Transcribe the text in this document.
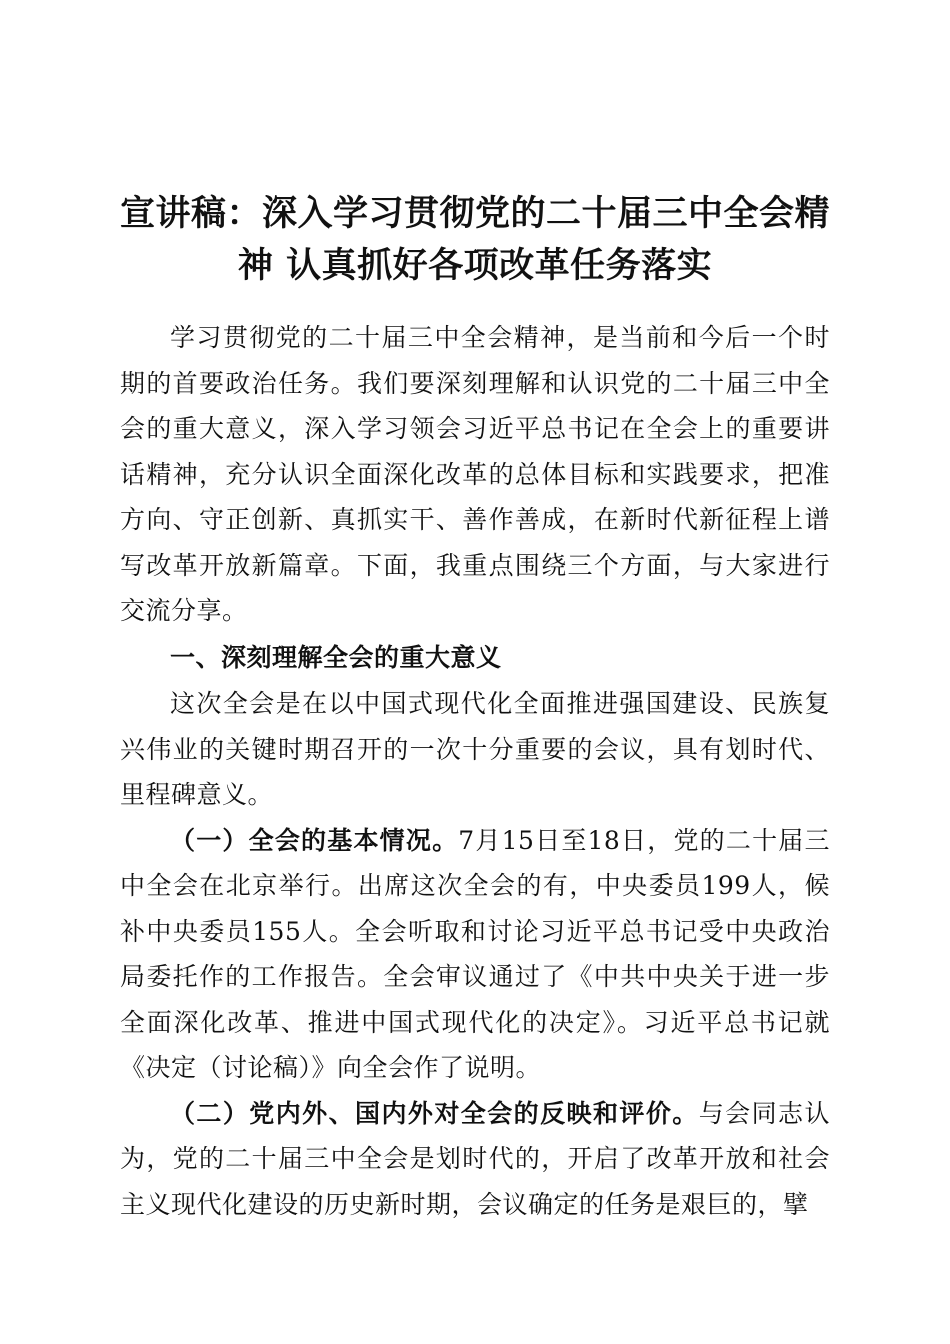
宣讲稿：深入学习贯彻党的二十届三中全会精
神 认真抓好各项改革任务落实

学习贯彻党的二十届三中全会精神，是当前和今后一个时期的首要政治任务。我们要深刻理解和认识党的二十届三中全会的重大意义，深入学习领会习近平总书记在全会上的重要讲话精神，充分认识全面深化改革的总体目标和实践要求，把准方向、守正创新、真抓实干、善作善成，在新时代新征程上谱写改革开放新篇章。下面，我重点围绕三个方面，与大家进行交流分享。

一、深刻理解全会的重大意义

这次全会是在以中国式现代化全面推进强国建设、民族复兴伟业的关键时期召开的一次十分重要的会议，具有划时代、里程碑意义。

（一）全会的基本情况。7月15日至18日，党的二十届三中全会在北京举行。出席这次全会的有，中央委员199人，候补中央委员155人。全会听取和讨论习近平总书记受中央政治局委托作的工作报告。全会审议通过了《中共中央关于进一步全面深化改革、推进中国式现代化的决定》。习近平总书记就《决定（讨论稿）》向全会作了说明。

（二）党内外、国内外对全会的反映和评价。与会同志认为，党的二十届三中全会是划时代的，开启了改革开放和社会主义现代化建设的历史新时期，会议确定的任务是艰巨的，擘
